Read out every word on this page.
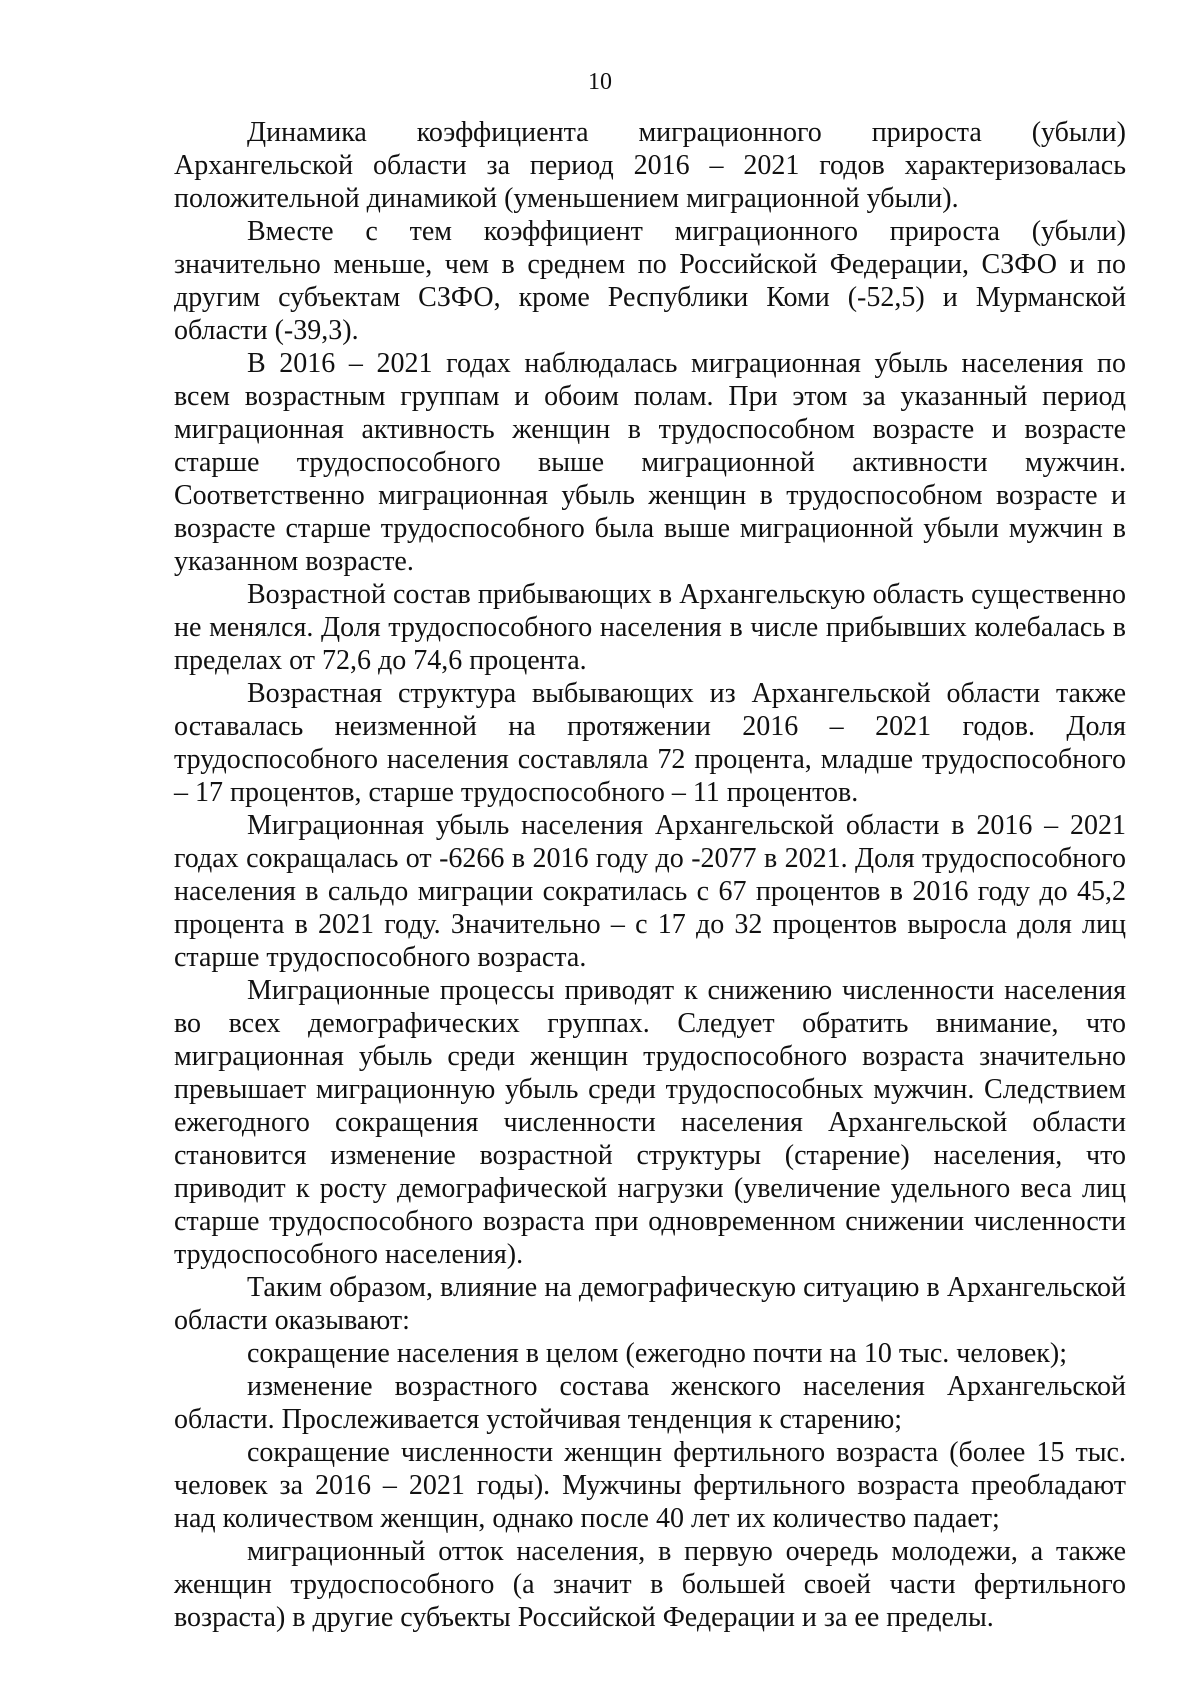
10

Динамика коэффициента миграционного прироста (убыли) Архангельской области за период 2016 – 2021 годов характеризовалась положительной динамикой (уменьшением миграционной убыли).

Вместе с тем коэффициент миграционного прироста (убыли) значительно меньше, чем в среднем по Российской Федерации, СЗФО и по другим субъектам СЗФО, кроме Республики Коми (-52,5) и Мурманской области (-39,3).

В 2016 – 2021 годах наблюдалась миграционная убыль населения по всем возрастным группам и обоим полам. При этом за указанный период миграционная активность женщин в трудоспособном возрасте и возрасте старше трудоспособного выше миграционной активности мужчин. Соответственно миграционная убыль женщин в трудоспособном возрасте и возрасте старше трудоспособного была выше миграционной убыли мужчин в указанном возрасте.

Возрастной состав прибывающих в Архангельскую область существенно не менялся. Доля трудоспособного населения в числе прибывших колебалась в пределах от 72,6 до 74,6 процента.

Возрастная структура выбывающих из Архангельской области также оставалась неизменной на протяжении 2016 – 2021 годов. Доля трудоспособного населения составляла 72 процента, младше трудоспособного – 17 процентов, старше трудоспособного – 11 процентов.

Миграционная убыль населения Архангельской области в 2016 – 2021 годах сокращалась от -6266 в 2016 году до -2077 в 2021. Доля трудоспособного населения в сальдо миграции сократилась с 67 процентов в 2016 году до 45,2 процента в 2021 году. Значительно – с 17 до 32 процентов выросла доля лиц старше трудоспособного возраста.

Миграционные процессы приводят к снижению численности населения во всех демографических группах. Следует обратить внимание, что миграционная убыль среди женщин трудоспособного возраста значительно превышает миграционную убыль среди трудоспособных мужчин. Следствием ежегодного сокращения численности населения Архангельской области становится изменение возрастной структуры (старение) населения, что приводит к росту демографической нагрузки (увеличение удельного веса лиц старше трудоспособного возраста при одновременном снижении численности трудоспособного населения).

Таким образом, влияние на демографическую ситуацию в Архангельской области оказывают:

сокращение населения в целом (ежегодно почти на 10 тыс. человек);

изменение возрастного состава женского населения Архангельской области. Прослеживается устойчивая тенденция к старению;

сокращение численности женщин фертильного возраста (более 15 тыс. человек за 2016 – 2021 годы). Мужчины фертильного возраста преобладают над количеством женщин, однако после 40 лет их количество падает;

миграционный отток населения, в первую очередь молодежи, а также женщин трудоспособного (а значит в большей своей части фертильного возраста) в другие субъекты Российской Федерации и за ее пределы.
